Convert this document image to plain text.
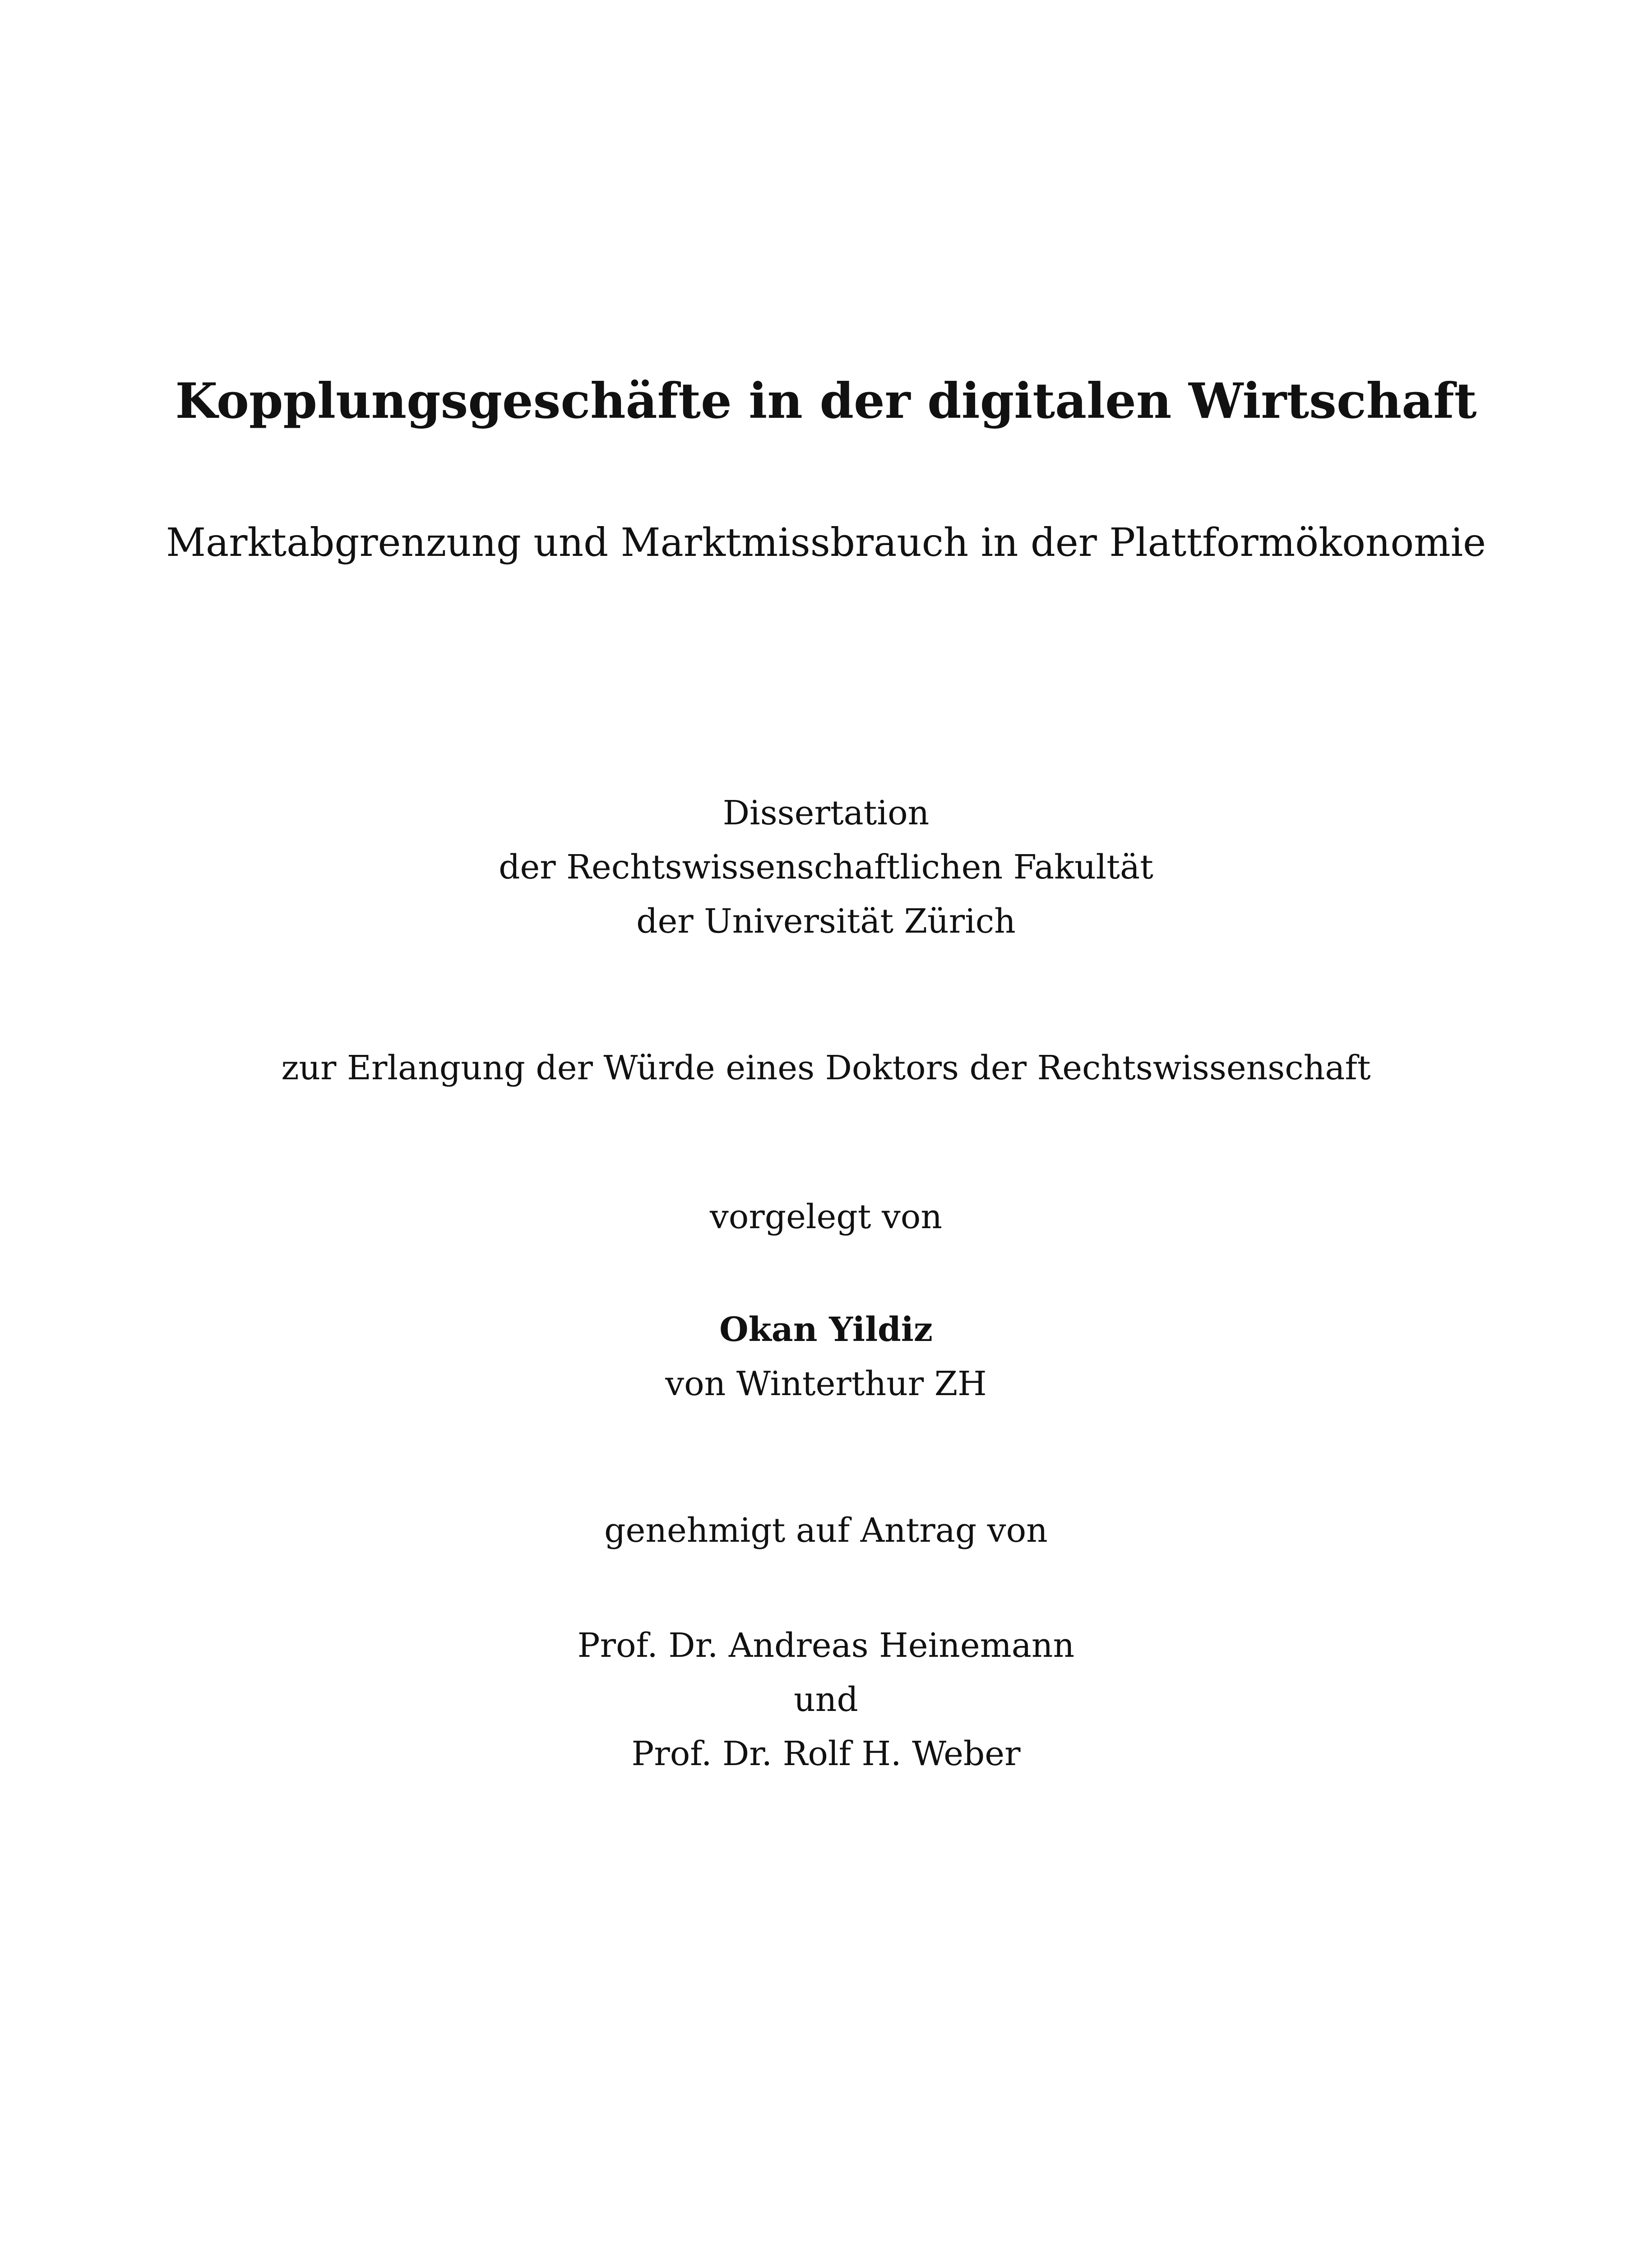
Kopplungsgeschäfte in der digitalen Wirtschaft
Marktabgrenzung und Marktmissbrauch in der Plattformökonomie
Dissertation
der Rechtswissenschaftlichen Fakultät
der Universität Zürich
zur Erlangung der Würde eines Doktors der Rechtswissenschaft
vorgelegt von
Okan Yildiz
von Winterthur ZH
genehmigt auf Antrag von
Prof. Dr. Andreas Heinemann
und
Prof. Dr. Rolf H. Weber
